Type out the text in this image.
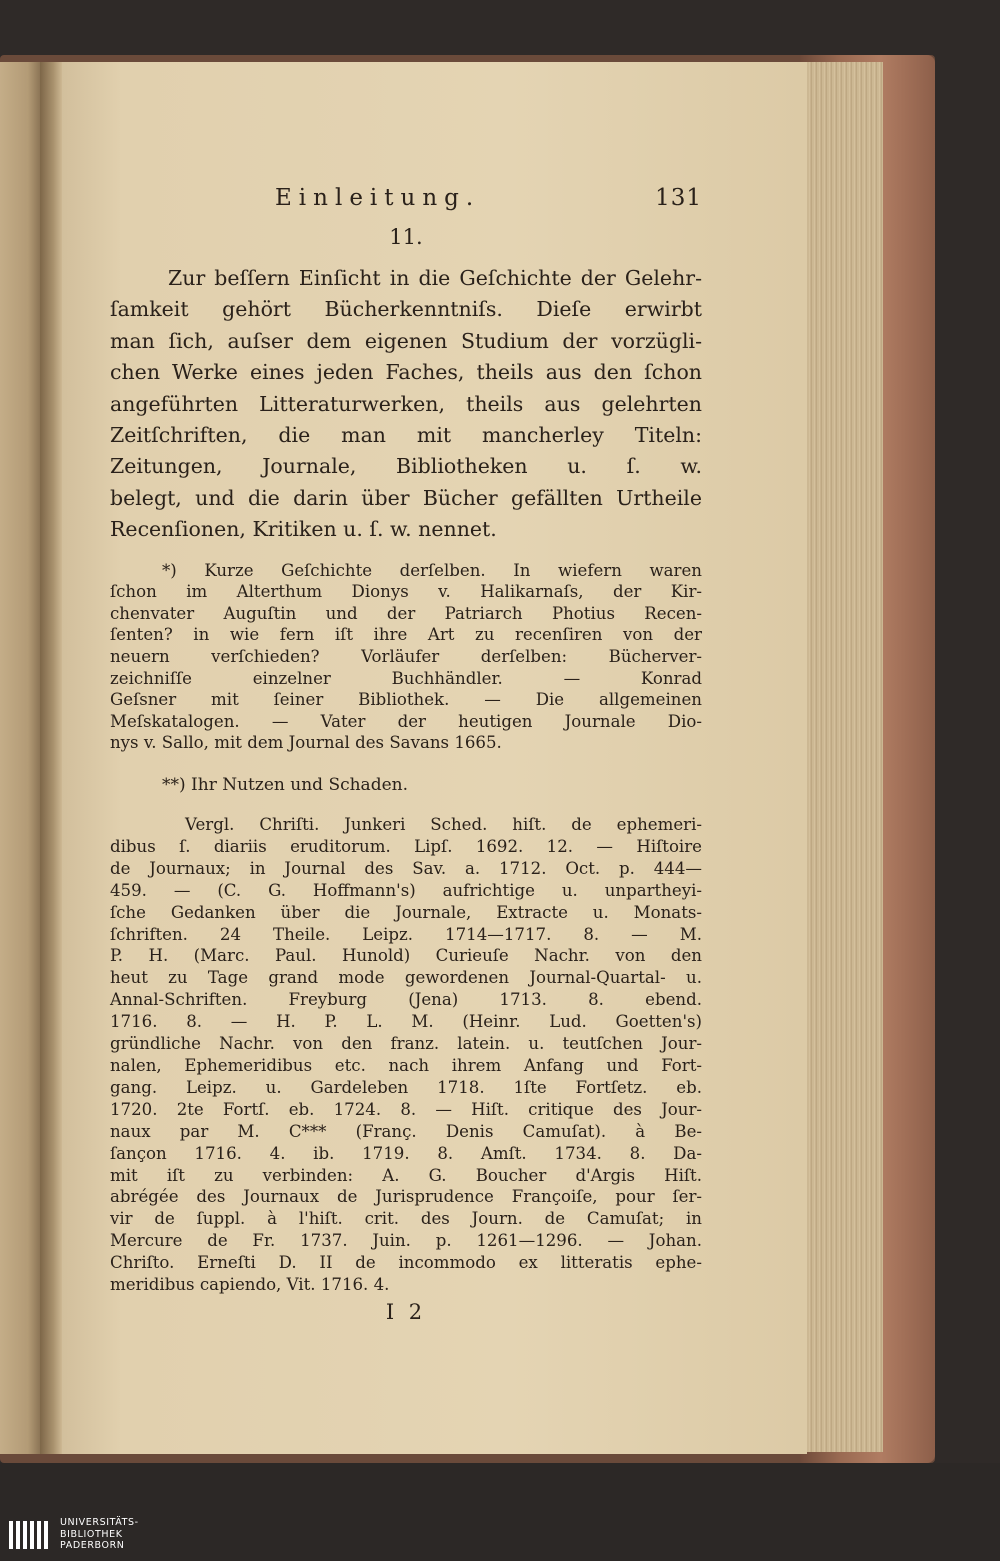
Einleitung.	131
11.
Zur beſſern Einſicht in die Geſchichte der Gelehr-
ſamkeit gehört Bücherkenntniſs. Dieſe erwirbt
man ſich, auſser dem eigenen Studium der vorzügli-
chen Werke eines jeden Faches, theils aus den ſchon
angeführten Litteraturwerken, theils aus gelehrten
Zeitſchriften, die man mit mancherley Titeln:
Zeitungen, Journale, Bibliotheken u. ſ. w.
belegt, und die darin über Bücher gefällten Urtheile
Recenſionen, Kritiken u. ſ. w. nennet.
*) Kurze Geſchichte derſelben. In wiefern waren
ſchon im Alterthum Dionys v. Halikarnaſs, der Kir-
chenvater Auguſtin und der Patriarch Photius Recen-
ſenten? in wie fern iſt ihre Art zu recenſiren von der
neuern verſchieden? Vorläufer derſelben: Bücherver-
zeichniſſe einzelner Buchhändler. — Konrad
Geſsner mit ſeiner Bibliothek. — Die allgemeinen
Meſskatalogen. — Vater der heutigen Journale Dio-
nys v. Sallo, mit dem Journal des Savans 1665.
**) Ihr Nutzen und Schaden.
Vergl. Chriſti. Junkeri Sched. hiſt. de ephemeri-
dibus ſ. diariis eruditorum. Lipſ. 1692. 12. — Hiſtoire
de Journaux; in Journal des Sav. a. 1712. Oct. p. 444—
459. — (C. G. Hoffmann's) aufrichtige u. unpartheyi-
ſche Gedanken über die Journale, Extracte u. Monats-
ſchriften. 24 Theile. Leipz. 1714—1717. 8. — M.
P. H. (Marc. Paul. Hunold) Curieuſe Nachr. von den
heut zu Tage grand mode gewordenen Journal-Quartal- u.
Annal-Schriften. Freyburg (Jena) 1713. 8. ebend.
1716. 8. — H. P. L. M. (Heinr. Lud. Goetten's)
gründliche Nachr. von den franz. latein. u. teutſchen Jour-
nalen, Ephemeridibus etc. nach ihrem Anfang und Fort-
gang. Leipz. u. Gardeleben 1718. 1ſte Fortſetz. eb.
1720. 2te Fortſ. eb. 1724. 8. — Hiſt. critique des Jour-
naux par M. C*** (Franç. Denis Camuſat). à Be-
ſançon 1716. 4. ib. 1719. 8. Amſt. 1734. 8. Da-
mit iſt zu verbinden: A. G. Boucher d'Argis Hiſt.
abrégée des Journaux de Jurisprudence Françoiſe, pour ſer-
vir de ſuppl. à l'hiſt. crit. des Journ. de Camuſat; in
Mercure de Fr. 1737. Juin. p. 1261—1296. — Johan.
Chriſto. Erneſti D. II de incommodo ex litteratis ephe-
meridibus capiendo, Vit. 1716. 4.
I 2
UNIVERSITÄTS-
BIBLIOTHEK
PADERBORN
